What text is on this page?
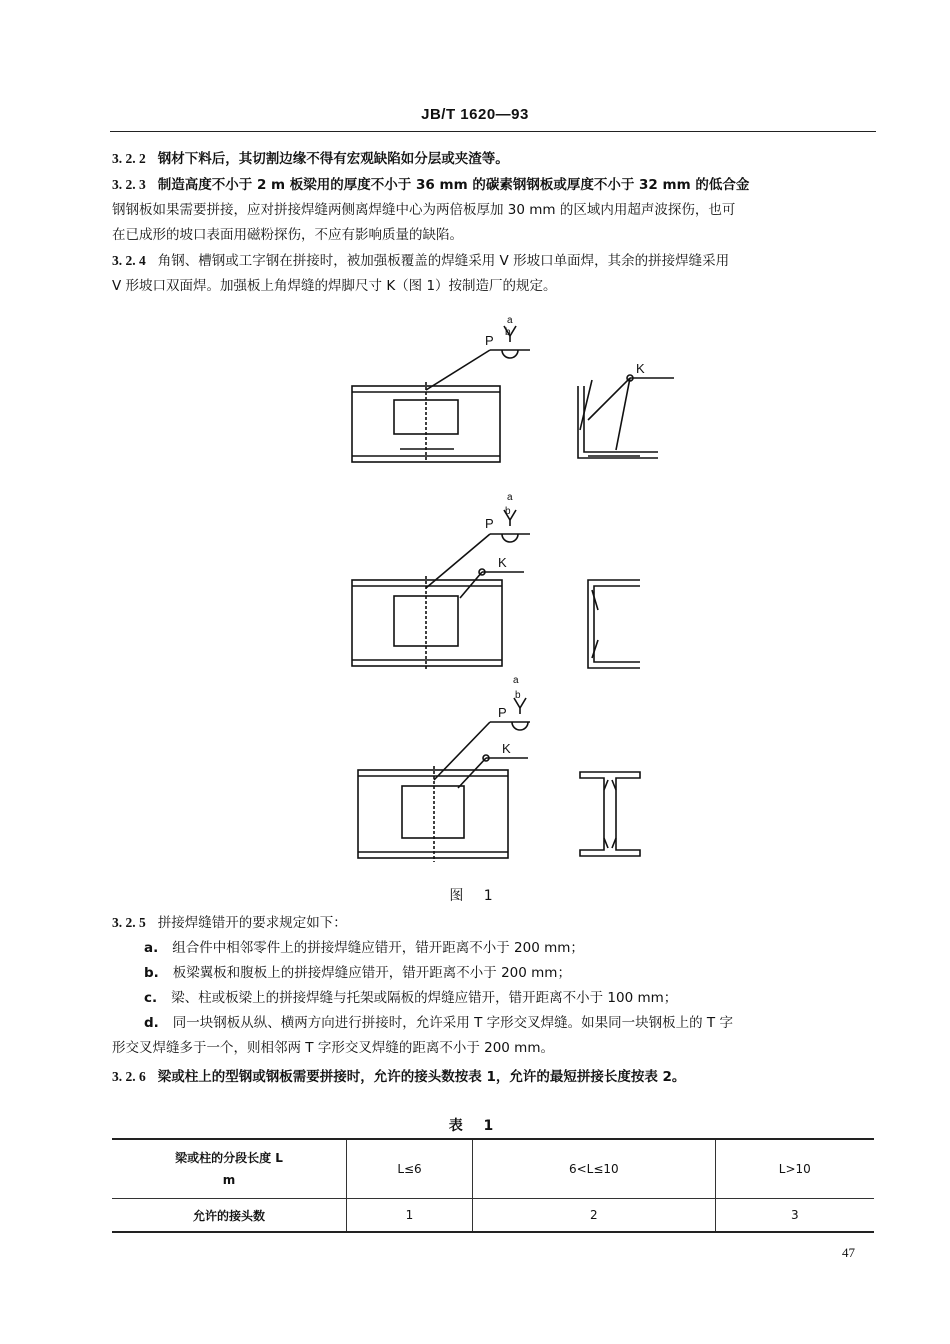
JB/T 1620—93
3. 2. 2 钢材下料后，其切割边缘不得有宏观缺陷如分层或夹渣等。
3. 2. 3 制造高度不小于 2 m 板梁用的厚度不小于 36 mm 的碳素钢钢板或厚度不小于 32 mm 的低合金
钢钢板如果需要拼接，应对拼接焊缝两侧离焊缝中心为两倍板厚加 30 mm 的区域内用超声波探伤，也可
在已成形的坡口表面用磁粉探伤，不应有影响质量的缺陷。
3. 2. 4 角钢、槽钢或工字钢在拼接时，被加强板覆盖的焊缝采用 V 形坡口单面焊，其余的拼接焊缝采用
V 形坡口双面焊。加强板上角焊缝的焊脚尺寸 K（图 1）按制造厂的规定。
P
a
b
K
P
a
b
K
P
a
b
K
图 1
3. 2. 5 拼接焊缝错开的要求规定如下：
a. 组合件中相邻零件上的拼接焊缝应错开，错开距离不小于 200 mm；
b. 板梁翼板和腹板上的拼接焊缝应错开，错开距离不小于 200 mm；
c. 梁、柱或板梁上的拼接焊缝与托架或隔板的焊缝应错开，错开距离不小于 100 mm；
d. 同一块钢板从纵、横两方向进行拼接时，允许采用 T 字形交叉焊缝。如果同一块钢板上的 T 字
形交叉焊缝多于一个，则相邻两 T 字形交叉焊缝的距离不小于 200 mm。
3. 2. 6 梁或柱上的型钢或钢板需要拼接时，允许的接头数按表 1，允许的最短拼接长度按表 2。
表 1
梁或柱的分段长度 L
m	L≤6	6<L≤10	L>10
允许的接头数	1	2	3
47
